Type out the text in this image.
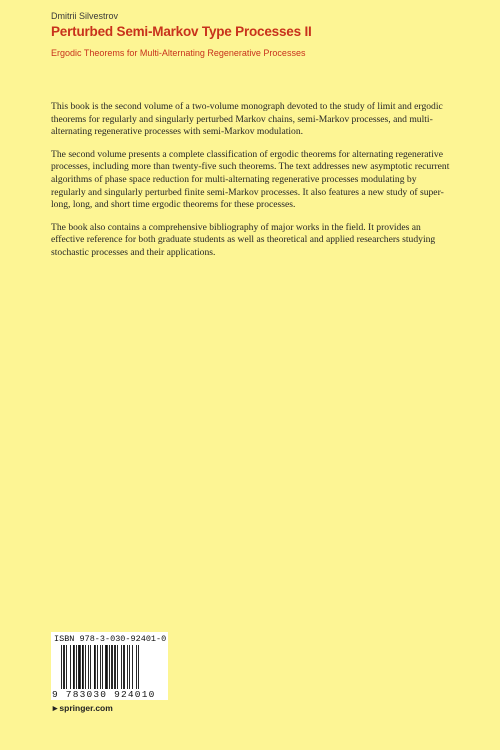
Dmitrii Silvestrov
Perturbed Semi-Markov Type Processes II
Ergodic Theorems for Multi-Alternating Regenerative Processes

This book is the second volume of a two-volume monograph devoted to the study of limit and ergodic theorems for regularly and singularly perturbed Markov chains, semi-Markov processes, and multi-alternating regenerative processes with semi-Markov modulation.

The second volume presents a complete classification of ergodic theorems for alternating regenerative processes, including more than twenty-five such theorems. The text addresses new asymptotic recurrent algorithms of phase space reduction for multi-alternating regenerative processes modulating by regularly and singularly perturbed finite semi-Markov processes. It also features a new study of super-long, long, and short time ergodic theorems for these processes.

The book also contains a comprehensive bibliography of major works in the field. It provides an effective reference for both graduate students as well as theoretical and applied researchers studying stochastic processes and their applications.

ISBN 978-3-030-92401-0
9 783030 924010
►springer.com
